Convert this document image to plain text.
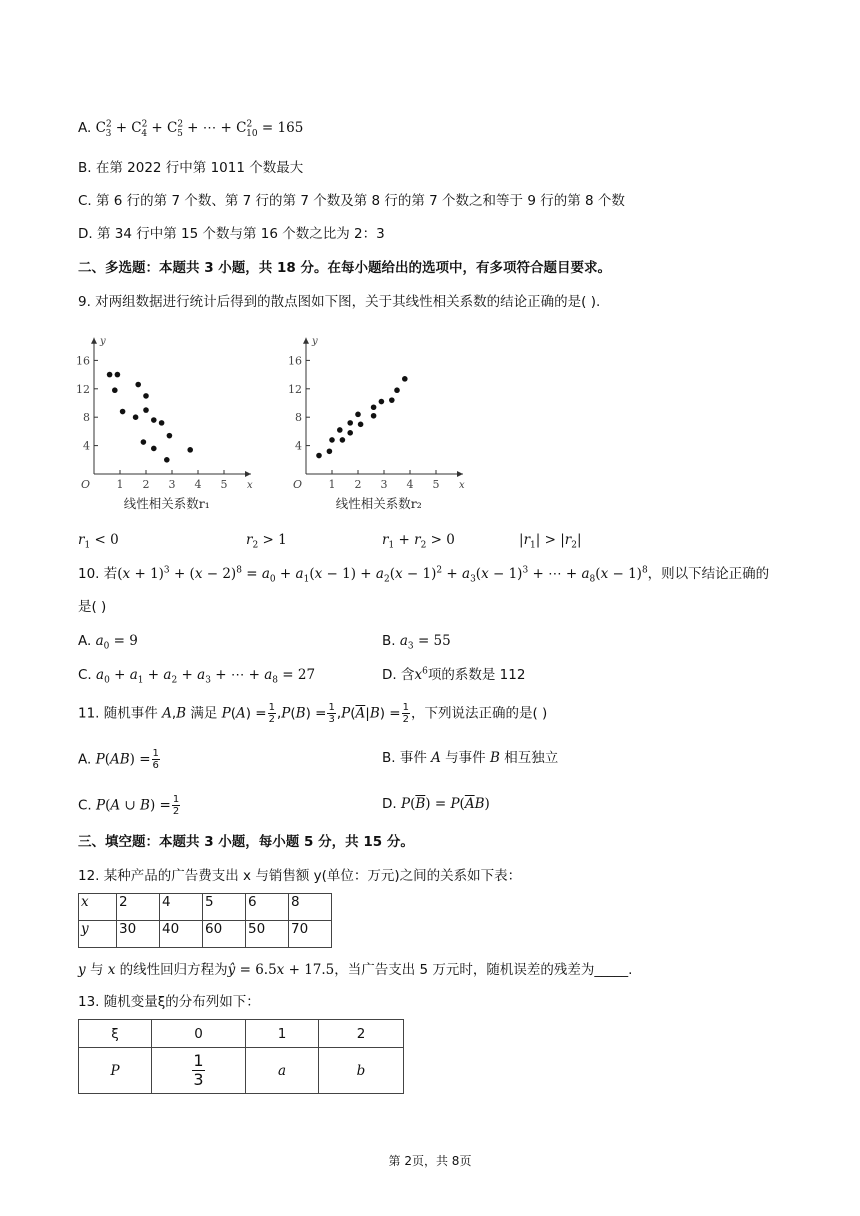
A. $C^2_3 + C^2_4 + C^2_5$ + ⋯ + $C^2_{10} = 165$
B. 在第 2022 行中第 1011 个数最大
C. 第 6 行的第 7 个数、第 7 行的第 7 个数及第 8 行的第 7 个数之和等于 9 行的第 8 个数
D. 第 34 行中第 15 个数与第 16 个数之比为 2：3
二、多选题：本题共 3 小题，共 18 分。在每小题给出的选项中，有多项符合题目要求。
9. 对两组数据进行统计后得到的散点图如下图，关于其线性相关系数的结论正确的是( ).
y
x
O 1 2 3 4 5
4
8
12
16
线性相关系数r₁
y
x
O 1 2 3 4 5
4
8
12
16
线性相关系数r₂
$r_1 < 0$	$r_2 > 1$	$r_1 + r_2 > 0$	$|r_1| > |r_2|$
10. 若$(x + 1)^3 + (x - 2)^8 = a_0 + a_1(x - 1) + a_2(x - 1)^2 + a_3(x - 1)^3$ + ⋯ + $a_8(x - 1)^8$，则以下结论正确的
是( )
A. $a_0 = 9$	B. $a_3 = 55$
C. $a_0 + a_1 + a_2 + a_3$ + ⋯ + $a_8 = 27$	D. 含$x^6$项的系数是 112
11. 随机事件 A,B 满足 $P(A) = \frac{1}{2} ,P(B) = \frac{1}{3} ,P(\overline{A}|B) = \frac{1}{2}$ ，下列说法正确的是( )
A. $P(AB) = \frac{1}{6}$	B. 事件 A 与事件 B 相互独立
C. P(A ∪ $B) = \frac{1}{2}$	D. $P(\overline{B}) = P(\overline{A}B)$
三、填空题：本题共 3 小题，每小题 5 分，共 15 分。
12. 某种产品的广告费支出 x 与销售额 y(单位：万元)之间的关系如下表：
x	2	4	5	6	8
y	30	40	60	50	70
y 与 x 的线性回归方程为ŷ = 6.5x + 17.5，当广告支出 5 万元时，随机误差的残差为_____.
13. 随机变量ξ的分布列如下：
ξ	0	1	2
P	$\frac{1}{3}$	a	b
第 2页，共 8页
